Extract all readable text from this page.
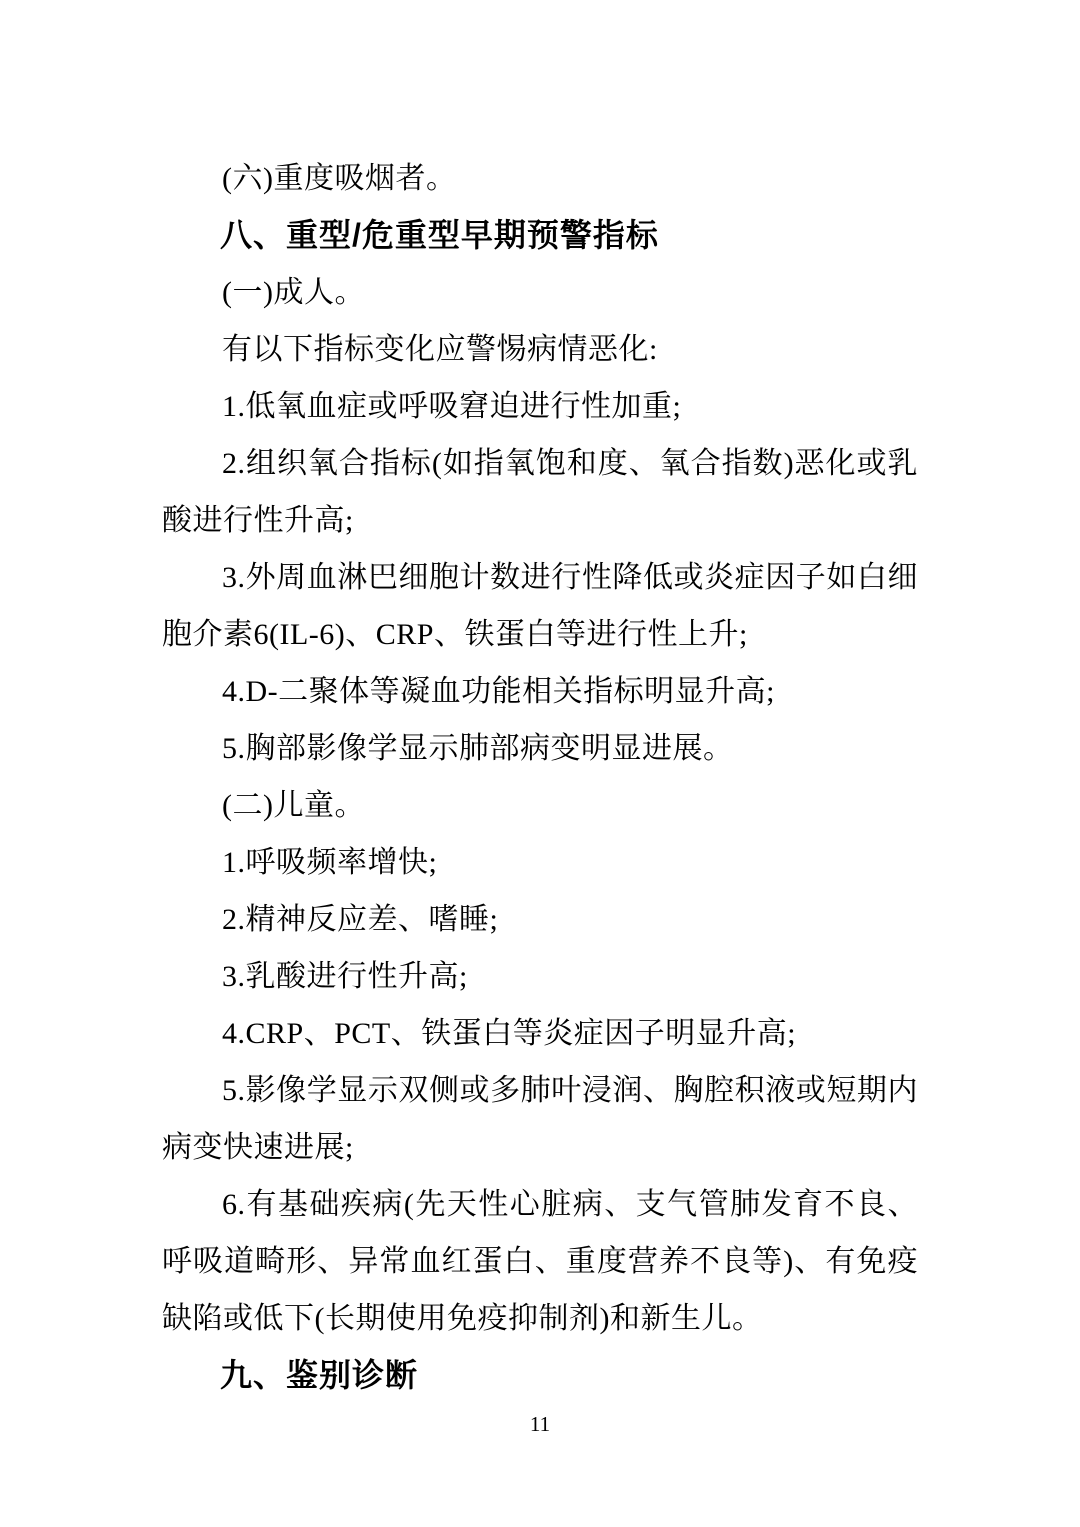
(六)重度吸烟者。

八、重型/危重型早期预警指标

(一)成人。

有以下指标变化应警惕病情恶化:

1.低氧血症或呼吸窘迫进行性加重;

2.组织氧合指标(如指氧饱和度、氧合指数)恶化或乳酸进行性升高;

3.外周血淋巴细胞计数进行性降低或炎症因子如白细胞介素6(IL-6)、CRP、铁蛋白等进行性上升;

4.D-二聚体等凝血功能相关指标明显升高;

5.胸部影像学显示肺部病变明显进展。

(二)儿童。

1.呼吸频率增快;

2.精神反应差、嗜睡;

3.乳酸进行性升高;

4.CRP、PCT、铁蛋白等炎症因子明显升高;

5.影像学显示双侧或多肺叶浸润、胸腔积液或短期内病变快速进展;

6.有基础疾病(先天性心脏病、支气管肺发育不良、呼吸道畸形、异常血红蛋白、重度营养不良等)、有免疫缺陷或低下(长期使用免疫抑制剂)和新生儿。

九、鉴别诊断

11
